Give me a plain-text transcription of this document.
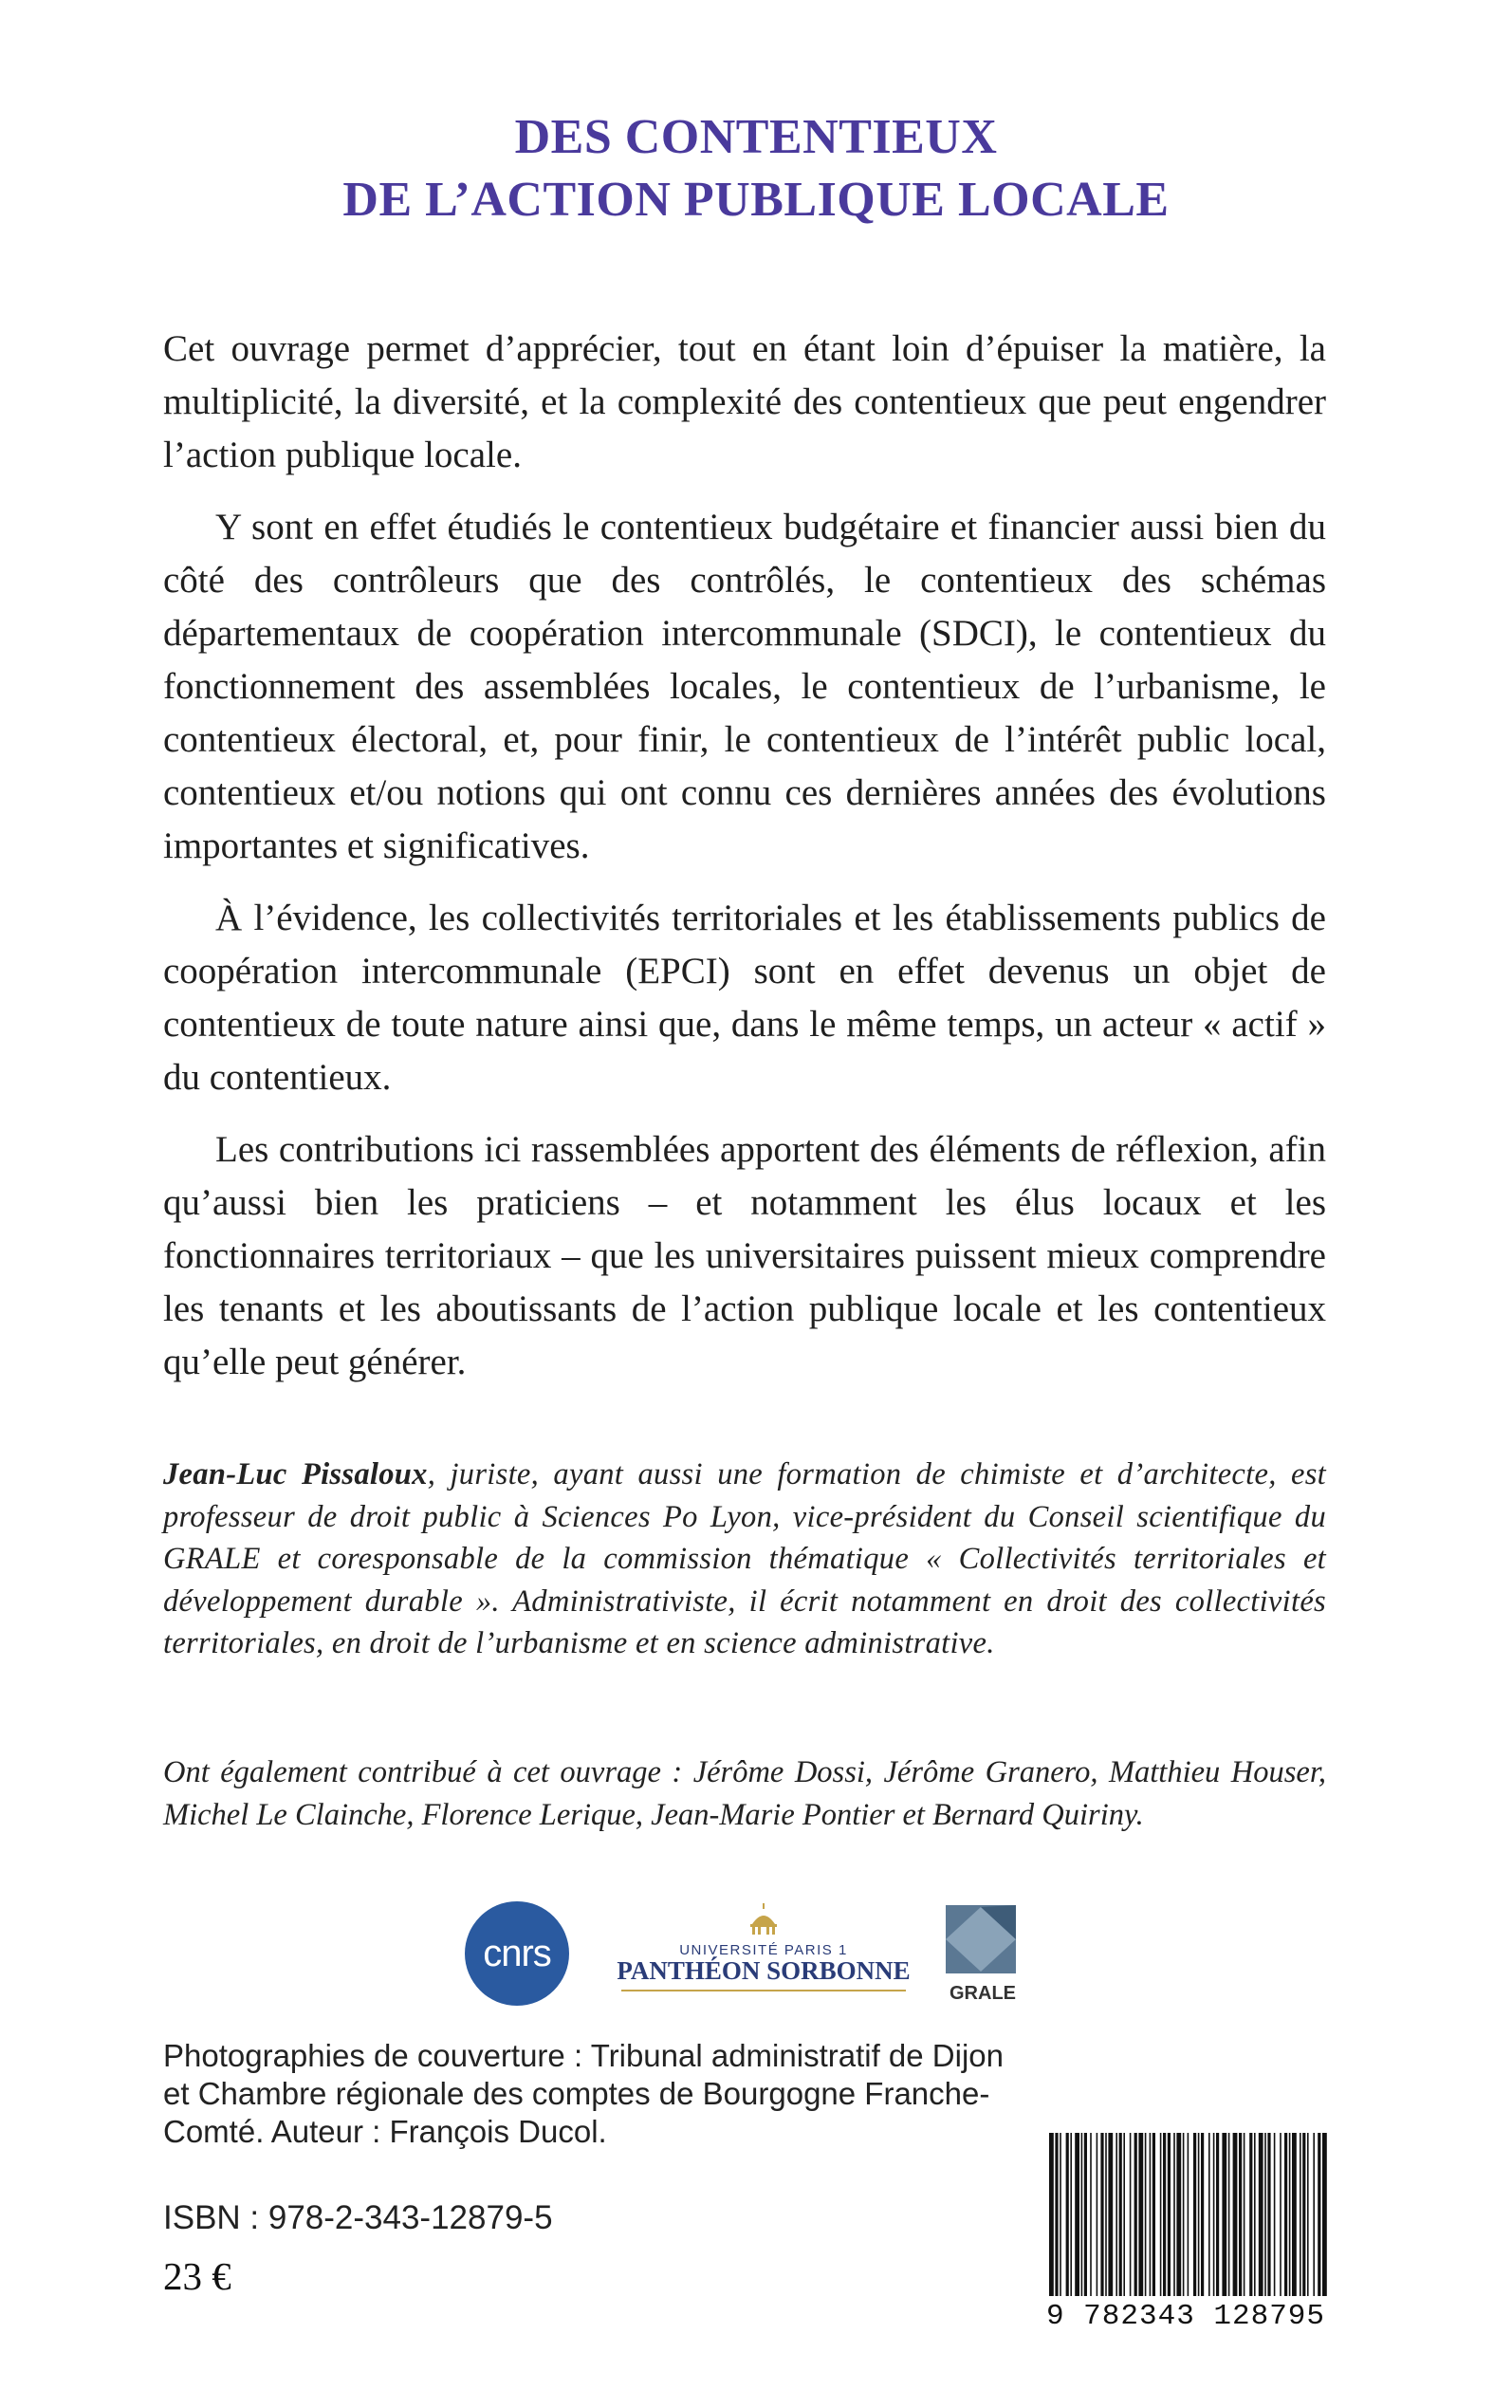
DES CONTENTIEUX
DE L’ACTION PUBLIQUE LOCALE

Cet ouvrage permet d’apprécier, tout en étant loin d’épuiser la matière, la multiplicité, la diversité, et la complexité des contentieux que peut engendrer l’action publique locale.

Y sont en effet étudiés le contentieux budgétaire et financier aussi bien du côté des contrôleurs que des contrôlés, le contentieux des schémas départementaux de coopération intercommunale (SDCI), le contentieux du fonctionnement des assemblées locales, le contentieux de l’urbanisme, le contentieux électoral, et, pour finir, le contentieux de l’intérêt public local, contentieux et/ou notions qui ont connu ces dernières années des évolutions importantes et significatives.

À l’évidence, les collectivités territoriales et les établissements publics de coopération intercommunale (EPCI) sont en effet devenus un objet de contentieux de toute nature ainsi que, dans le même temps, un acteur « actif » du contentieux.

Les contributions ici rassemblées apportent des éléments de réflexion, afin qu’aussi bien les praticiens – et notamment les élus locaux et les fonctionnaires territoriaux – que les universitaires puissent mieux comprendre les tenants et les aboutissants de l’action publique locale et les contentieux qu’elle peut générer.

Jean-Luc Pissaloux, juriste, ayant aussi une formation de chimiste et d’architecte, est professeur de droit public à Sciences Po Lyon, vice-président du Conseil scientifique du GRALE et coresponsable de la commission thématique « Collectivités territoriales et développement durable ». Administrativiste, il écrit notamment en droit des collectivités territoriales, en droit de l’urbanisme et en science administrative.
Ont également contribué à cet ouvrage : Jérôme Dossi, Jérôme Granero, Matthieu Houser, Michel Le Clainche, Florence Lerique, Jean-Marie Pontier et Bernard Quiriny.
cnrs	UNIVERSITÉ PARIS 1
PANTHÉON SORBONNE
GRALE
Photographies de couverture : Tribunal administratif de Dijon et Chambre régionale des comptes de Bourgogne Franche-Comté. Auteur : François Ducol.
ISBN : 978-2-343-12879-5
23 €
9 782343 128795
